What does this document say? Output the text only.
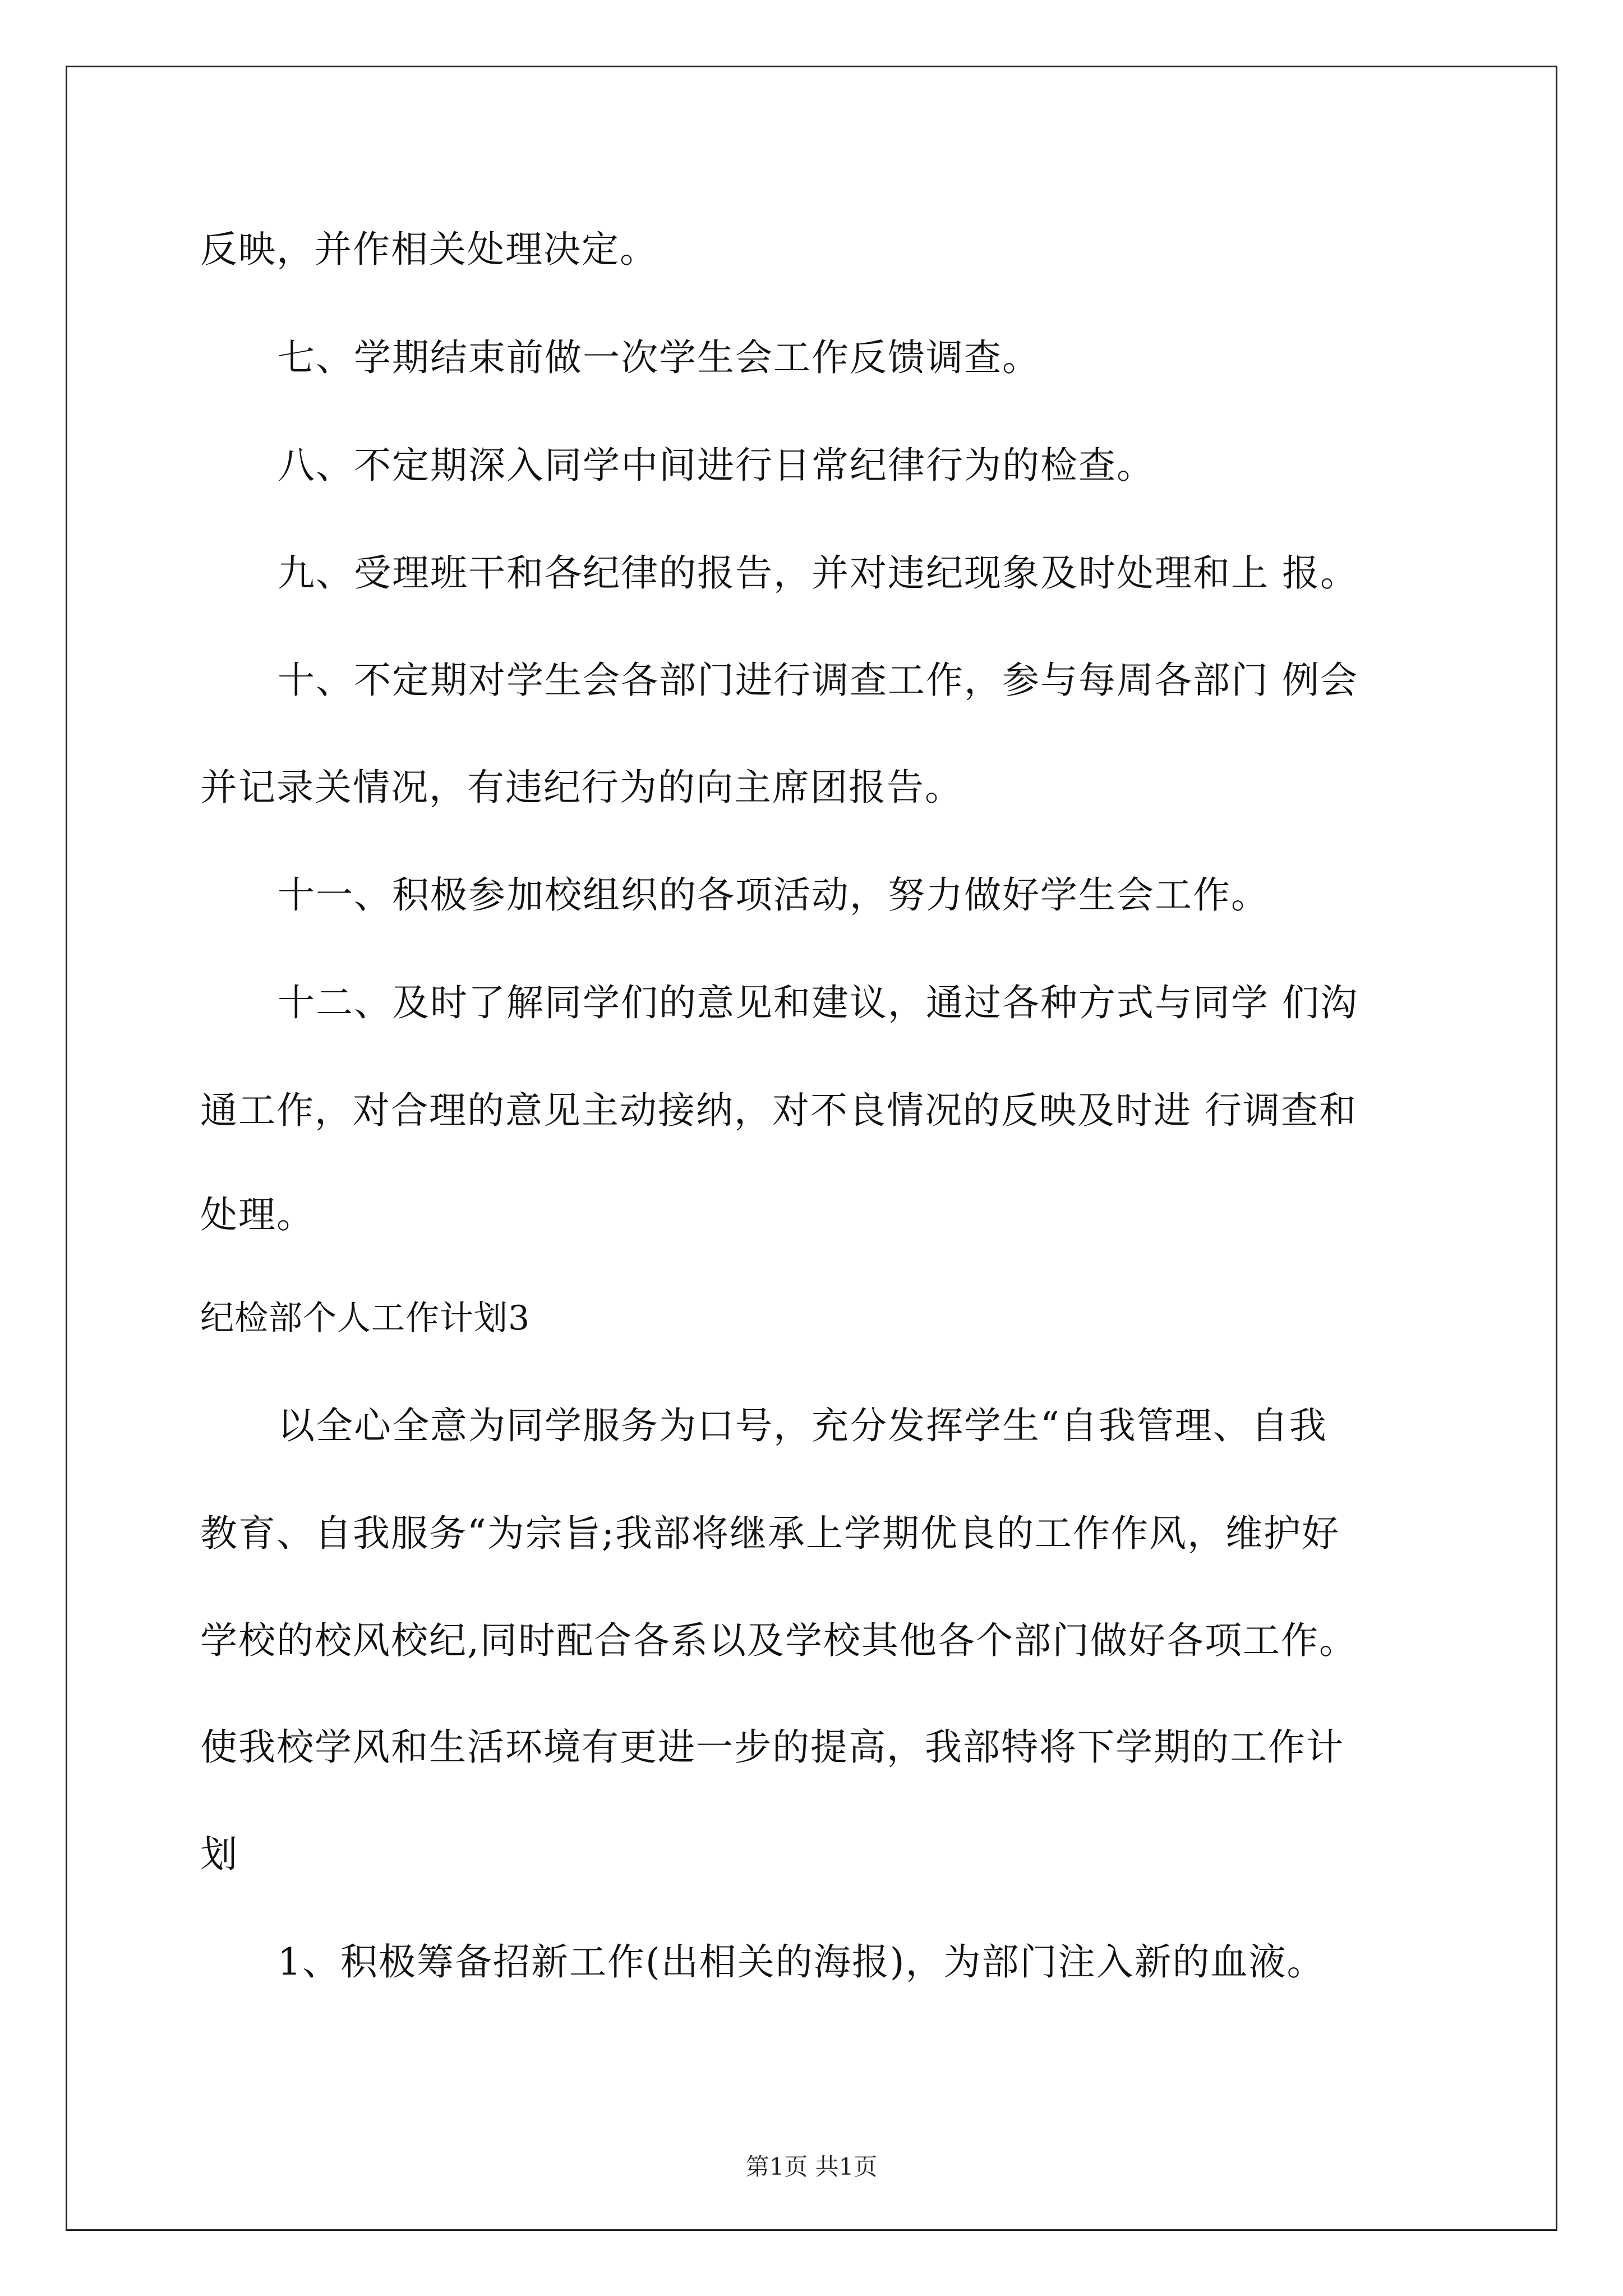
反映，并作相关处理决定。
七、学期结束前做一次学生会工作反馈调查。
八、不定期深入同学中间进行日常纪律行为的检查。
九、受理班干和各纪律的报告，并对违纪现象及时处理和上 报。
十、不定期对学生会各部门进行调查工作，参与每周各部门 例会
并记录关情况，有违纪行为的向主席团报告。
十一、积极参加校组织的各项活动，努力做好学生会工作。
十二、及时了解同学们的意见和建议，通过各种方式与同学 们沟
通工作，对合理的意见主动接纳，对不良情况的反映及时进 行调查和
处理。
纪检部个人工作计划3
以全心全意为同学服务为口号，充分发挥学生“自我管理、自我
教育、自我服务“为宗旨;我部将继承上学期优良的工作作风，维护好
学校的校风校纪,同时配合各系以及学校其他各个部门做好各项工作。
使我校学风和生活环境有更进一步的提高，我部特将下学期的工作计
划
1、积极筹备招新工作(出相关的海报)，为部门注入新的血液。
第1页 共1页
